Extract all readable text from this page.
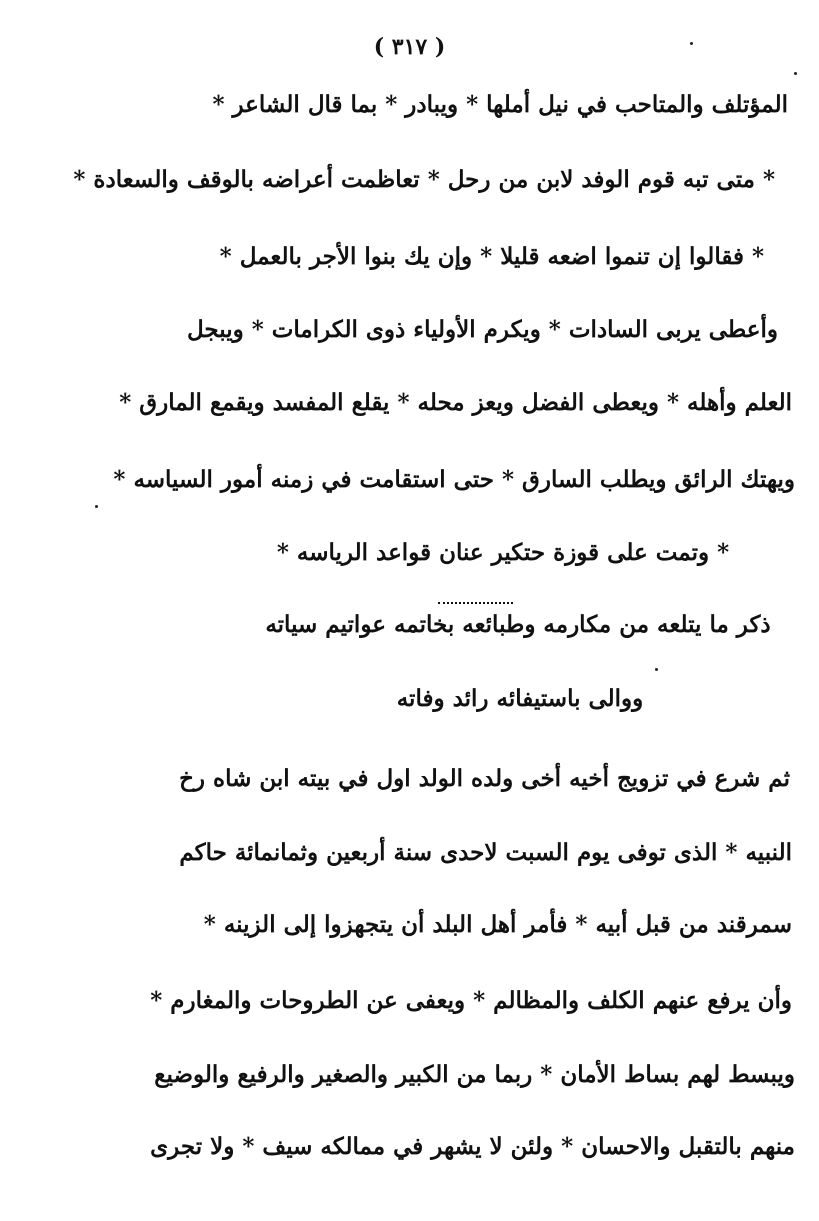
( ٣١٧ )
المؤتلف والمتاحب في نيل أملها * ويبادر * بما قال الشاعر *
* متى تبه قوم الوفد لابن من رحل * تعاظمت أعراضه بالوقف والسعادة *
* فقالوا إن تنموا اضعه قليلا * وإن يك بنوا الأجر بالعمل *
وأعطى يربى السادات * ويكرم الأولياء ذوى الكرامات * ويبجل
العلم وأهله * ويعطى الفضل ويعز محله * يقلع المفسد ويقمع المارق *
ويهتك الرائق ويطلب السارق * حتى استقامت في زمنه أمور السياسه *
* وتمت على قوزة حتكير عنان قواعد الرياسه *
ذكر ما يتلعه من مكارمه وطبائعه بخاتمه عواتيم سياته
ووالى باستيفائه رائد وفاته
ثم شرع في تزويج أخيه أخى ولده الولد اول في بيته ابن شاه رخ
النبيه * الذى توفى يوم السبت لاحدى سنة أربعين وثمانمائة حاكم
سمرقند من قبل أبيه * فأمر أهل البلد أن يتجهزوا إلى الزينه *
وأن يرفع عنهم الكلف والمظالم * ويعفى عن الطروحات والمغارم *
ويبسط لهم بساط الأمان * ربما من الكبير والصغير والرفيع والوضيع
منهم بالتقبل والاحسان * ولئن لا يشهر في ممالكه سيف * ولا تجرى
